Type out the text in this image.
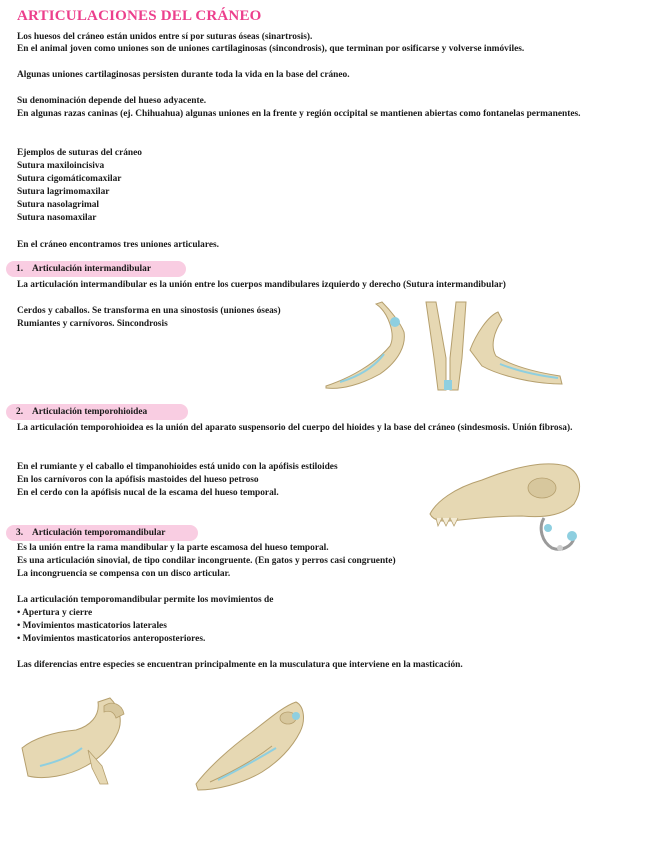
ARTICULACIONES DEL CRÁNEO
Los huesos del cráneo están unidos entre sí por suturas óseas (sinartrosis).
En el animal joven como uniones son de uniones cartilaginosas (sincondrosis), que terminan por osificarse y volverse inmóviles.
Algunas uniones cartilaginosas persisten durante toda la vida en la base del cráneo.
Su denominación depende del hueso adyacente.
En algunas razas caninas (ej. Chihuahua) algunas uniones en la frente y región occipital se mantienen abiertas como fontanelas permanentes.
Ejemplos de suturas del cráneo
Sutura maxiloincisiva
Sutura cigomáticomaxilar
Sutura lagrimomaxilar
Sutura nasolagrimal
Sutura nasomaxilar
En el cráneo encontramos tres uniones articulares.
1. Articulación intermandibular
La articulación intermandibular es la unión entre los cuerpos mandibulares izquierdo y derecho (Sutura intermandibular)
Cerdos y caballos. Se transforma en una sinostosis (uniones óseas)
Rumiantes y carnívoros. Sincondrosis
2. Articulación temporohioidea
La articulación temporohioidea es la unión del aparato suspensorio del cuerpo del hioides y la base del cráneo (sindesmosis. Unión fibrosa).
En el rumiante y el caballo el timpanohioides está unido con la apófisis estiloides
En los carnívoros con la apófisis mastoides del hueso petroso
En el cerdo con la apófisis nucal de la escama del hueso temporal.
3. Articulación temporomandibular
Es la unión entre la rama mandibular y la parte escamosa del hueso temporal.
Es una articulación sinovial, de tipo condilar incongruente. (En gatos y perros casi congruente)
La incongruencia se compensa con un disco articular.
La articulación temporomandibular permite los movimientos de
• Apertura y cierre
• Movimientos masticatorios laterales
• Movimientos masticatorios anteroposteriores.
Las diferencias entre especies se encuentran principalmente en la musculatura que interviene en la masticación.
